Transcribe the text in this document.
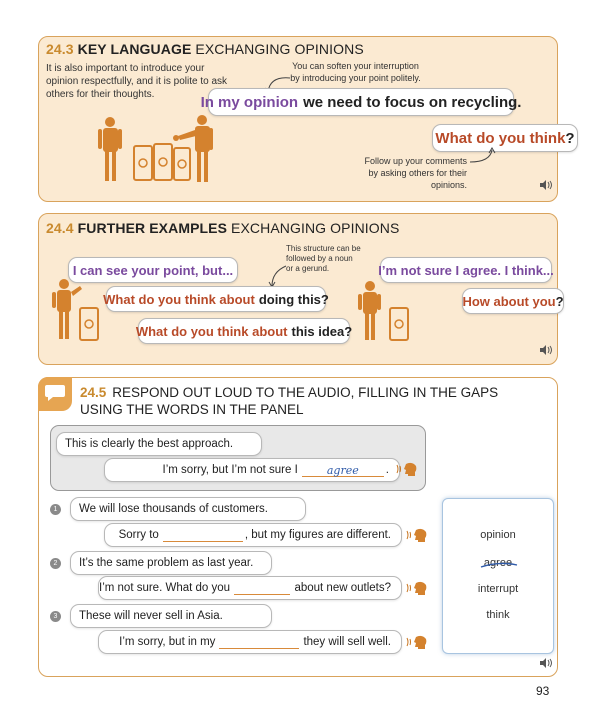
24.3 KEY LANGUAGE EXCHANGING OPINIONS
It is also important to introduce your opinion respectfully, and it is polite to ask others for their thoughts.
You can soften your interruption by introducing your point politely.
In my opinion we need to focus on recycling.
What do you think ?
Follow up your comments by asking others for their opinions.
24.4 FURTHER EXAMPLES EXCHANGING OPINIONS
This structure can be followed by a noun or a gerund.
I can see your point, but...
What do you think about doing this?
What do you think about this idea?
I’m not sure I agree. I think...
How about you ?
24.5 RESPOND OUT LOUD TO THE AUDIO, FILLING IN THE GAPS USING THE WORDS IN THE PANEL
This is clearly the best approach.
I’m sorry, but I’m not sure I	agree	.
1	We will lose thousands of customers.
Sorry to	, but my figures are different.
2	It’s the same problem as last year.
I’m not sure. What do you	about new outlets?
3	These will never sell in Asia.
I’m sorry, but in my	they will sell well.
opinion
agree
interrupt
think
93
